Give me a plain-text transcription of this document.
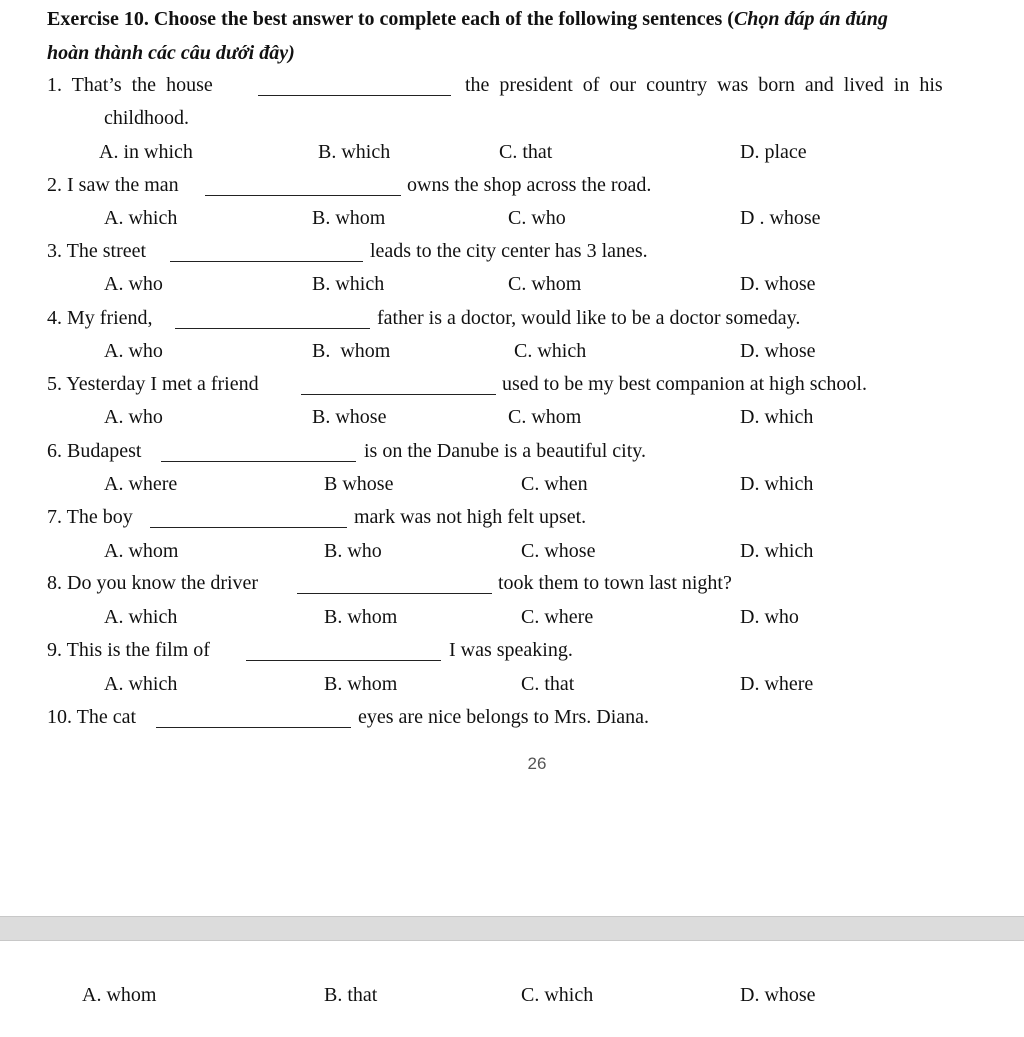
Exercise 10. Choose the best answer to complete each of the following sentences (Chọn đáp án đúng
hoàn thành các câu dưới đây)
1. That’s the house	the president of our country was born and lived in his
childhood.
A. in which	B. which	C. that	D. place
2. I saw the man	owns the shop across the road.
A. which	B. whom	C. who	D . whose
3. The street	leads to the city center has 3 lanes.
A. who	B. which	C. whom	D. whose
4. My friend,	father is a doctor, would like to be a doctor someday.
A. who	B.  whom	C. which	D. whose
5. Yesterday I met a friend	used to be my best companion at high school.
A. who	B. whose	C. whom	D. which
6. Budapest	is on the Danube is a beautiful city.
A. where	B whose	C. when	D. which
7. The boy	mark was not high felt upset.
A. whom	B. who	C. whose	D. which
8. Do you know the driver	took them to town last night?
A. which	B. whom	C. where	D. who
9. This is the film of	I was speaking.
A. which	B. whom	C. that	D. where
10. The cat	eyes are nice belongs to Mrs. Diana.
26
A. whom	B. that	C. which	D. whose
